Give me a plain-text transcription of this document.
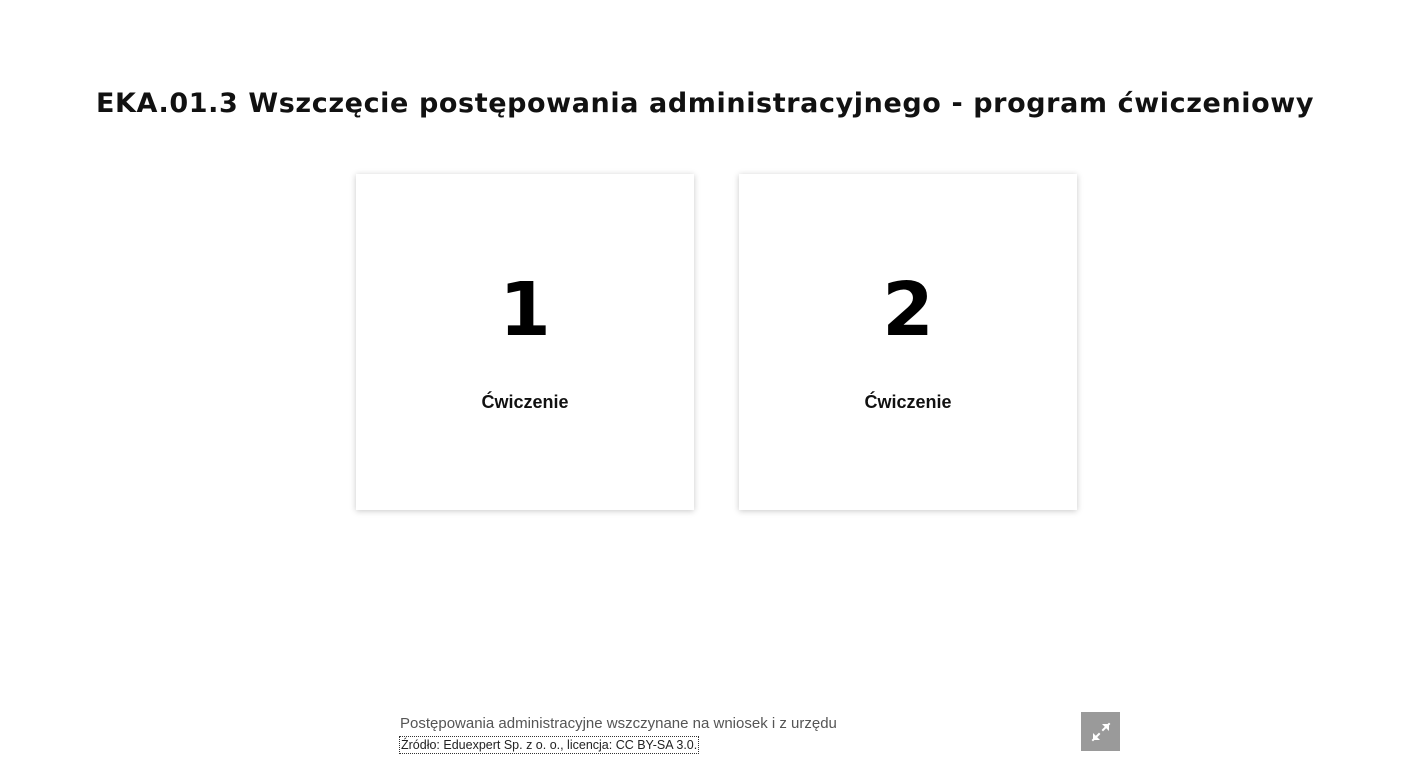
EKA.01.3 Wszczęcie postępowania administracyjnego - program ćwiczeniowy
1
Ćwiczenie
2
Ćwiczenie
Postępowania administracyjne wszczynane na wniosek i z urzędu
Źródło: Eduexpert Sp. z o. o., licencja: CC BY-SA 3.0.
